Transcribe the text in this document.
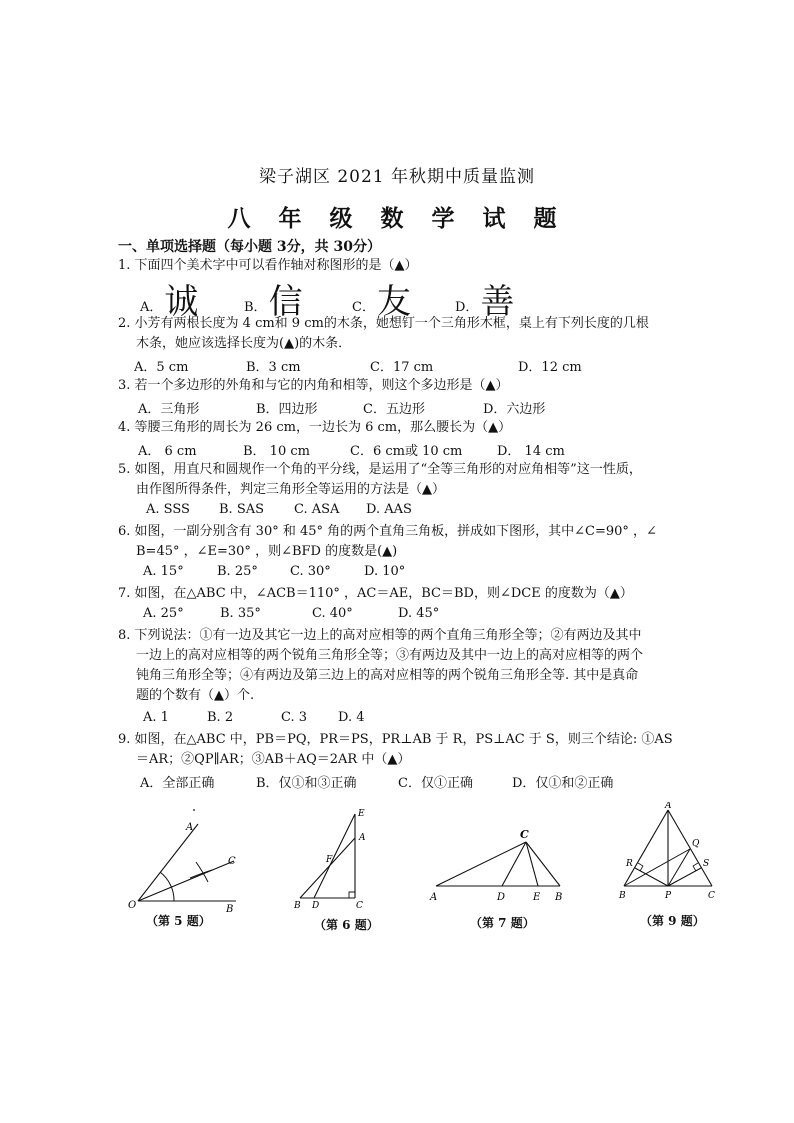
梁子湖区 2021 年秋期中质量监测
八 年 级 数 学 试 题
一、单项选择题（每小题 3分，共 30分）
1. 下面四个美术字中可以看作轴对称图形的是（▲）
A．诚	B．信	C．友	D．善
2. 小芳有两根长度为 4 cm和 9 cm的木条，她想钉一个三角形木框，桌上有下列长度的几根
木条，她应该选择长度为(▲)的木条．
A．5 cm	B．3 cm	C．17 cm	D．12 cm
3. 若一个多边形的外角和与它的内角和相等，则这个多边形是（▲）
A．三角形	B．四边形	C．五边形	D．六边形
4. 等腰三角形的周长为 26 cm，一边长为 6 cm，那么腰长为（▲）
A． 6 cm	B． 10 cm	C．6 cm或 10 cm	D． 14 cm
5. 如图，用直尺和圆规作一个角的平分线，是运用了“全等三角形的对应角相等”这一性质，
由作图所得条件，判定三角形全等运用的方法是（▲）
A. SSS B. SAS C. ASA D. AAS
6. 如图，一副分别含有 30° 和 45° 角的两个直角三角板，拼成如下图形，其中∠C=90° ，∠
B=45° ，∠E=30° ，则∠BFD 的度数是(▲)
A. 15°	B. 25° C. 30°	D. 10°
7. 如图，在△ABC 中，∠ACB＝110° ，AC＝AE，BC＝BD，则∠DCE 的度数为（▲）
A. 25°	B. 35°	C. 40°	D. 45°
8. 下列说法：①有一边及其它一边上的高对应相等的两个直角三角形全等；②有两边及其中
一边上的高对应相等的两个锐角三角形全等；③有两边及其中一边上的高对应相等的两个
钝角三角形全等；④有两边及第三边上的高对应相等的两个锐角三角形全等. 其中是真命
题的个数有（▲）个.
A. 1	B. 2	C. 3 D. 4
9. 如图，在△ABC 中，PB＝PQ，PR＝PS，PR⊥AB 于 R，PS⊥AC 于 S，则三个结论: ①AS
＝AR；②QP∥AR；③AB＋AQ＝2AR 中（▲）
A．全部正确	B．仅①和③正确	C．仅①正确	D．仅①和②正确
A
C
O	B
（第 5 题）
E
A
F
B D	C
（第 6 题）
C
A	D	E B
（第 7 题）
A
Q
R	S
B	P	C
（第 9 题）
